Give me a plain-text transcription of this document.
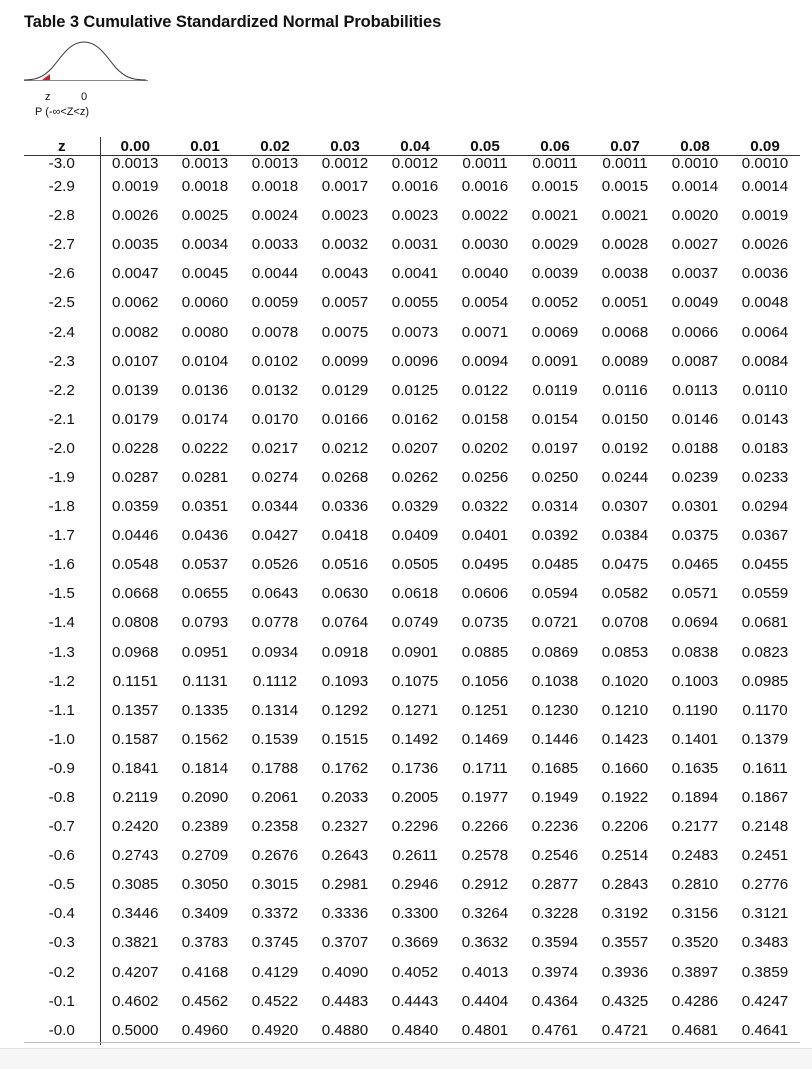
Table 3 Cumulative Standardized Normal Probabilities
z	0
P (-∞<Z<z)
z	0.00	0.01	0.02	0.03	0.04	0.05	0.06	0.07	0.08	0.09
-3.0	0.0013	0.0013	0.0013	0.0012	0.0012	0.0011	0.0011	0.0011	0.0010	0.0010
-2.9	0.0019	0.0018	0.0018	0.0017	0.0016	0.0016	0.0015	0.0015	0.0014	0.0014
-2.8	0.0026	0.0025	0.0024	0.0023	0.0023	0.0022	0.0021	0.0021	0.0020	0.0019
-2.7	0.0035	0.0034	0.0033	0.0032	0.0031	0.0030	0.0029	0.0028	0.0027	0.0026
-2.6	0.0047	0.0045	0.0044	0.0043	0.0041	0.0040	0.0039	0.0038	0.0037	0.0036
-2.5	0.0062	0.0060	0.0059	0.0057	0.0055	0.0054	0.0052	0.0051	0.0049	0.0048
-2.4	0.0082	0.0080	0.0078	0.0075	0.0073	0.0071	0.0069	0.0068	0.0066	0.0064
-2.3	0.0107	0.0104	0.0102	0.0099	0.0096	0.0094	0.0091	0.0089	0.0087	0.0084
-2.2	0.0139	0.0136	0.0132	0.0129	0.0125	0.0122	0.0119	0.0116	0.0113	0.0110
-2.1	0.0179	0.0174	0.0170	0.0166	0.0162	0.0158	0.0154	0.0150	0.0146	0.0143
-2.0	0.0228	0.0222	0.0217	0.0212	0.0207	0.0202	0.0197	0.0192	0.0188	0.0183
-1.9	0.0287	0.0281	0.0274	0.0268	0.0262	0.0256	0.0250	0.0244	0.0239	0.0233
-1.8	0.0359	0.0351	0.0344	0.0336	0.0329	0.0322	0.0314	0.0307	0.0301	0.0294
-1.7	0.0446	0.0436	0.0427	0.0418	0.0409	0.0401	0.0392	0.0384	0.0375	0.0367
-1.6	0.0548	0.0537	0.0526	0.0516	0.0505	0.0495	0.0485	0.0475	0.0465	0.0455
-1.5	0.0668	0.0655	0.0643	0.0630	0.0618	0.0606	0.0594	0.0582	0.0571	0.0559
-1.4	0.0808	0.0793	0.0778	0.0764	0.0749	0.0735	0.0721	0.0708	0.0694	0.0681
-1.3	0.0968	0.0951	0.0934	0.0918	0.0901	0.0885	0.0869	0.0853	0.0838	0.0823
-1.2	0.1151	0.1131	0.1112	0.1093	0.1075	0.1056	0.1038	0.1020	0.1003	0.0985
-1.1	0.1357	0.1335	0.1314	0.1292	0.1271	0.1251	0.1230	0.1210	0.1190	0.1170
-1.0	0.1587	0.1562	0.1539	0.1515	0.1492	0.1469	0.1446	0.1423	0.1401	0.1379
-0.9	0.1841	0.1814	0.1788	0.1762	0.1736	0.1711	0.1685	0.1660	0.1635	0.1611
-0.8	0.2119	0.2090	0.2061	0.2033	0.2005	0.1977	0.1949	0.1922	0.1894	0.1867
-0.7	0.2420	0.2389	0.2358	0.2327	0.2296	0.2266	0.2236	0.2206	0.2177	0.2148
-0.6	0.2743	0.2709	0.2676	0.2643	0.2611	0.2578	0.2546	0.2514	0.2483	0.2451
-0.5	0.3085	0.3050	0.3015	0.2981	0.2946	0.2912	0.2877	0.2843	0.2810	0.2776
-0.4	0.3446	0.3409	0.3372	0.3336	0.3300	0.3264	0.3228	0.3192	0.3156	0.3121
-0.3	0.3821	0.3783	0.3745	0.3707	0.3669	0.3632	0.3594	0.3557	0.3520	0.3483
-0.2	0.4207	0.4168	0.4129	0.4090	0.4052	0.4013	0.3974	0.3936	0.3897	0.3859
-0.1	0.4602	0.4562	0.4522	0.4483	0.4443	0.4404	0.4364	0.4325	0.4286	0.4247
-0.0	0.5000	0.4960	0.4920	0.4880	0.4840	0.4801	0.4761	0.4721	0.4681	0.4641
